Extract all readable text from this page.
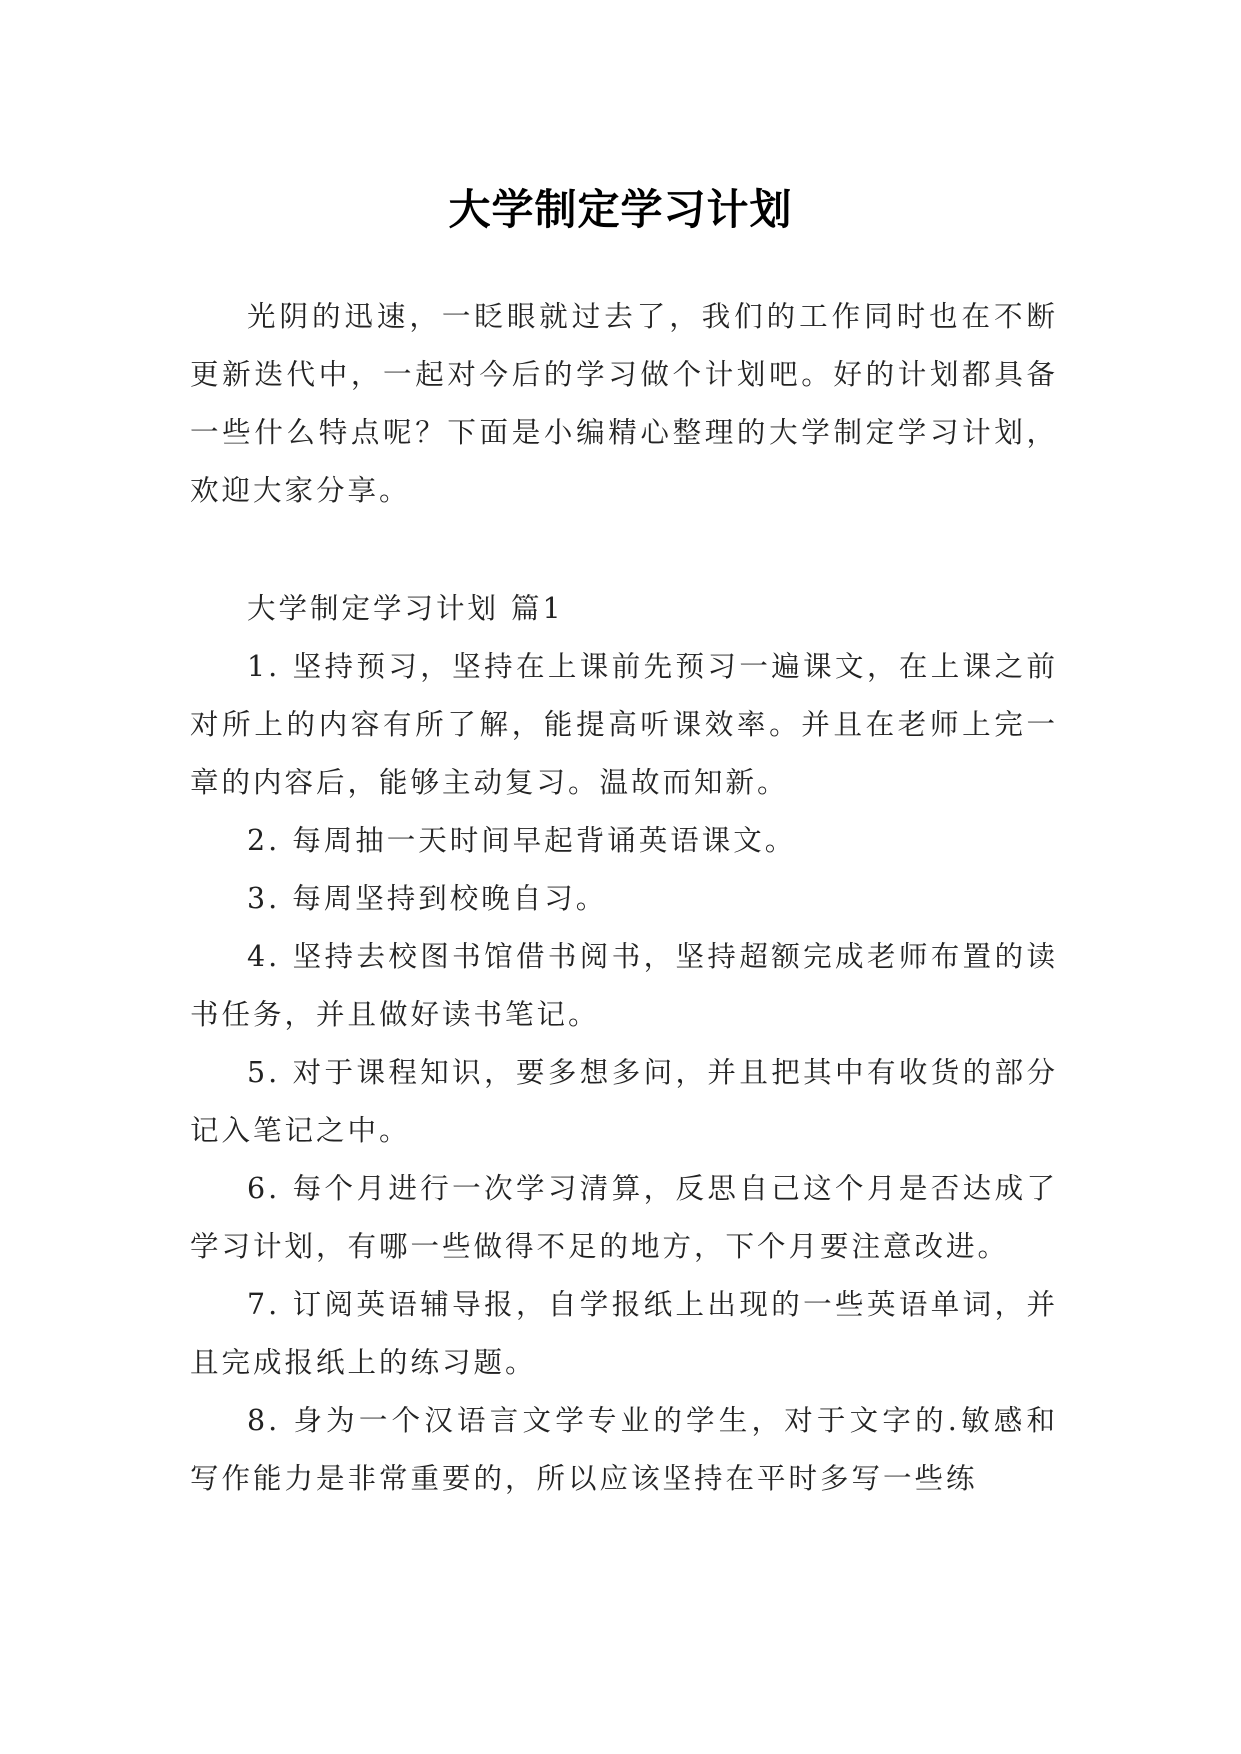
大学制定学习计划

光阴的迅速，一眨眼就过去了，我们的工作同时也在不断更新迭代中，一起对今后的学习做个计划吧。好的计划都具备一些什么特点呢？下面是小编精心整理的大学制定学习计划，欢迎大家分享。

大学制定学习计划 篇1

1. 坚持预习，坚持在上课前先预习一遍课文，在上课之前对所上的内容有所了解，能提高听课效率。并且在老师上完一章的内容后，能够主动复习。温故而知新。
2. 每周抽一天时间早起背诵英语课文。
3. 每周坚持到校晚自习。
4. 坚持去校图书馆借书阅书，坚持超额完成老师布置的读书任务，并且做好读书笔记。
5. 对于课程知识，要多想多问，并且把其中有收货的部分记入笔记之中。
6. 每个月进行一次学习清算，反思自己这个月是否达成了学习计划，有哪一些做得不足的地方，下个月要注意改进。
7. 订阅英语辅导报，自学报纸上出现的一些英语单词，并且完成报纸上的练习题。
8. 身为一个汉语言文学专业的学生，对于文字的.敏感和写作能力是非常重要的，所以应该坚持在平时多写一些练
